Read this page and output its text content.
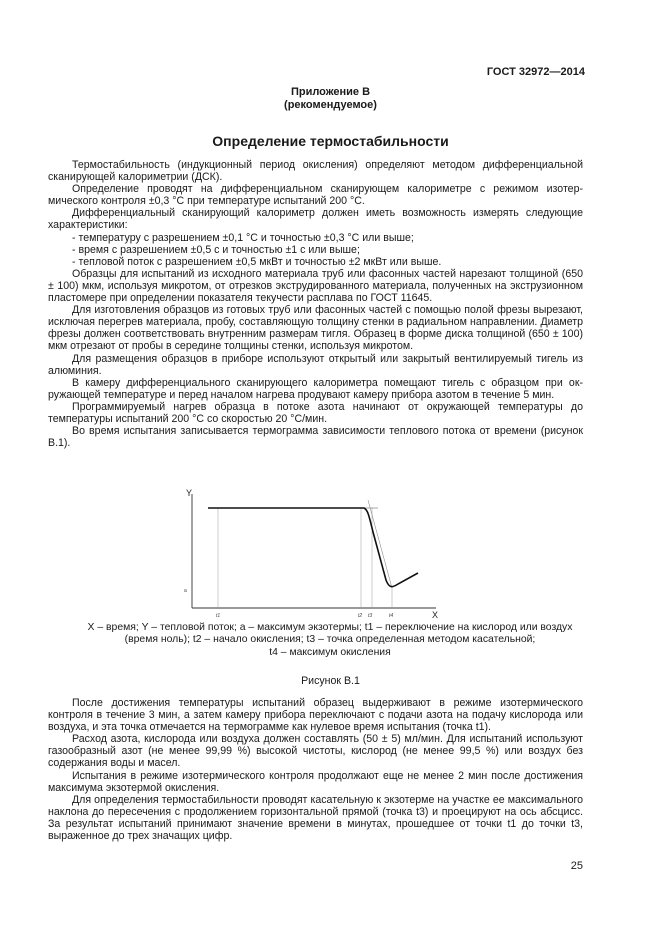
ГОСТ 32972—2014
Приложение В
(рекомендуемое)
Определение термостабильности

Термостабильность (индукционный период окисления) определяют методом дифференциальной сканирующей калориметрии (ДСК).

Определение проводят на дифференциальном сканирующем калориметре с режимом изотермического контроля ±0,3 °С при температуре испытаний 200 °С.

Дифференциальный сканирующий калориметр должен иметь возможность измерять следующие характеристики:

- температуру с разрешением ±0,1 °С и точностью ±0,3 °С или выше;

- время с разрешением ±0,5 с и точностью ±1 с или выше;

- тепловой поток с разрешением ±0,5 мкВт и точностью ±2 мкВт или выше.

Образцы для испытаний из исходного материала труб или фасонных частей нарезают толщиной (650 ± 100) мкм, используя микротом, от отрезков экструдированного материала, полученных на экструзионном пластомере при определении показателя текучести расплава по ГОСТ 11645.

Для изготовления образцов из готовых труб или фасонных частей с помощью полой фрезы вырезают, исключая перегрев материала, пробу, составляющую толщину стенки в радиальном направлении. Диаметр фрезы должен соответствовать внутренним размерам тигля. Образец в форме диска толщиной (650 ± 100) мкм отрезают от пробы в середине толщины стенки, используя микротом.

Для размещения образцов в приборе используют открытый или закрытый вентилируемый тигель из алюминия.

В камеру дифференциального сканирующего калориметра помещают тигель с образцом при окружающей температуре и перед началом нагрева продувают камеру прибора азотом в течение 5 мин.

Программируемый нагрев образца в потоке азота начинают от окружающей температуры до температуры испытаний 200 °С со скоростью 20 °С/мин.

Во время испытания записывается термограмма зависимости теплового потока от времени (рисунок В.1).

Y
X
а
t1	t2 t3	t4
X – время; Y – тепловой поток; a – максимум экзотермы; t1 – переключение на кислород или воздух
(время ноль); t2 – начало окисления; t3 – точка определенная методом касательной;
t4 – максимум окисления
Рисунок В.1

После достижения температуры испытаний образец выдерживают в режиме изотермического контроля в течение 3 мин, а затем камеру прибора переключают с подачи азота на подачу кислорода или воздуха, и эта точка отмечается на термограмме как нулевое время испытания (точка t1).

Расход азота, кислорода или воздуха должен составлять (50 ± 5) мл/мин. Для испытаний используют газообразный азот (не менее 99,99 %) высокой чистоты, кислород (не менее 99,5 %) или воздух без содержания воды и масел.

Испытания в режиме изотермического контроля продолжают еще не менее 2 мин после достижения максимума экзотермой окисления.

Для определения термостабильности проводят касательную к экзотерме на участке ее максимального наклона до пересечения с продолжением горизонтальной прямой (точка t3) и проецируют на ось абсцисс. За результат испытаний принимают значение времени в минутах, прошедшее от точки t1 до точки t3, выраженное до трех значащих цифр.

25
